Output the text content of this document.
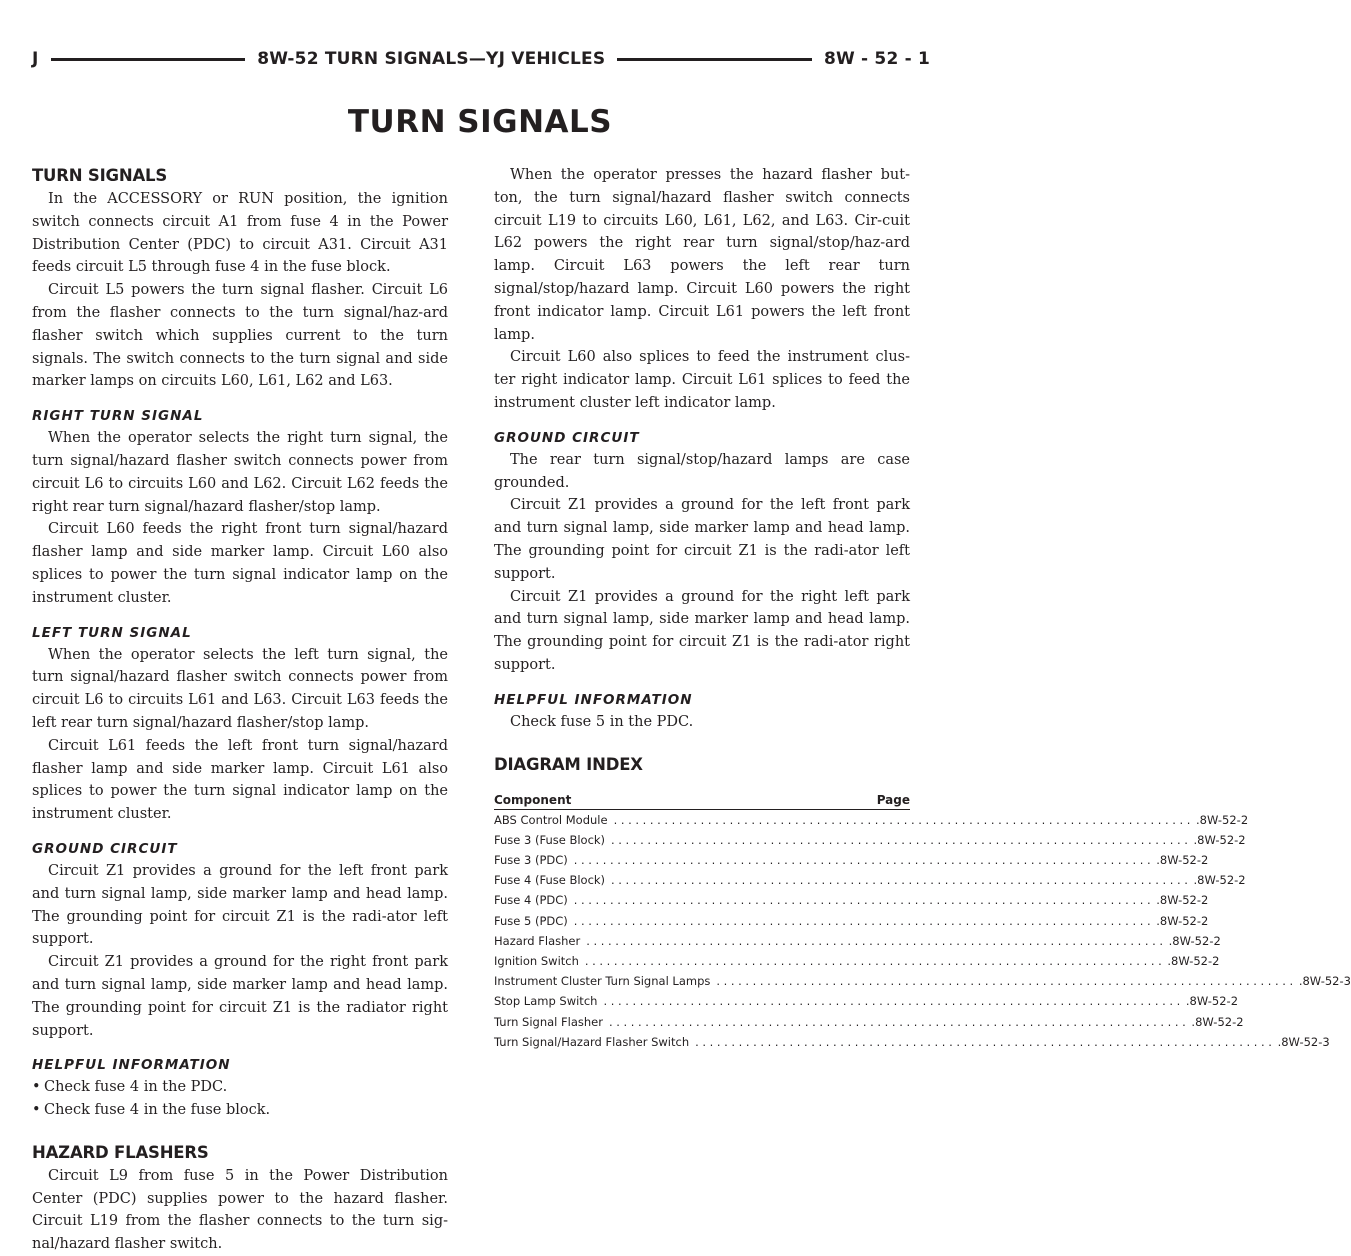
J	8W-52 TURN SIGNALS—YJ VEHICLES	8W - 52 - 1
TURN SIGNALS
TURN SIGNALS

In the ACCESSORY or RUN position, the ignition switch connects circuit A1 from fuse 4 in the Power Distribution Center (PDC) to circuit A31. Circuit A31 feeds circuit L5 through fuse 4 in the fuse block.

Circuit L5 powers the turn signal flasher. Circuit L6 from the flasher connects to the turn signal/haz-ard flasher switch which supplies current to the turn signals. The switch connects to the turn signal and side marker lamps on circuits L60, L61, L62 and L63.

RIGHT TURN SIGNAL

When the operator selects the right turn signal, the turn signal/hazard flasher switch connects power from circuit L6 to circuits L60 and L62. Circuit L62 feeds the right rear turn signal/hazard flasher/stop lamp.

Circuit L60 feeds the right front turn signal/hazard flasher lamp and side marker lamp. Circuit L60 also splices to power the turn signal indicator lamp on the instrument cluster.

LEFT TURN SIGNAL

When the operator selects the left turn signal, the turn signal/hazard flasher switch connects power from circuit L6 to circuits L61 and L63. Circuit L63 feeds the left rear turn signal/hazard flasher/stop lamp.

Circuit L61 feeds the left front turn signal/hazard flasher lamp and side marker lamp. Circuit L61 also splices to power the turn signal indicator lamp on the instrument cluster.

GROUND CIRCUIT

Circuit Z1 provides a ground for the left front park and turn signal lamp, side marker lamp and head lamp. The grounding point for circuit Z1 is the radi-ator left support.

Circuit Z1 provides a ground for the right front park and turn signal lamp, side marker lamp and head lamp. The grounding point for circuit Z1 is the radiator right support.

HELPFUL INFORMATION
• Check fuse 4 in the PDC.
• Check fuse 4 in the fuse block.
HAZARD FLASHERS

Circuit L9 from fuse 5 in the Power Distribution Center (PDC) supplies power to the hazard flasher. Circuit L19 from the flasher connects to the turn sig-nal/hazard flasher switch.

When the operator presses the hazard flasher but-ton, the turn signal/hazard flasher switch connects circuit L19 to circuits L60, L61, L62, and L63. Cir-cuit L62 powers the right rear turn signal/stop/haz-ard lamp. Circuit L63 powers the left rear turn signal/stop/hazard lamp. Circuit L60 powers the right front indicator lamp. Circuit L61 powers the left front lamp.

Circuit L60 also splices to feed the instrument clus-ter right indicator lamp. Circuit L61 splices to feed the instrument cluster left indicator lamp.

GROUND CIRCUIT

The rear turn signal/stop/hazard lamps are case grounded.

Circuit Z1 provides a ground for the left front park and turn signal lamp, side marker lamp and head lamp. The grounding point for circuit Z1 is the radi-ator left support.

Circuit Z1 provides a ground for the right left park and turn signal lamp, side marker lamp and head lamp. The grounding point for circuit Z1 is the radi-ator right support.

HELPFUL INFORMATION

Check fuse 5 in the PDC.

DIAGRAM INDEX
Component	Page
ABS Control Module ................................................................................ .8W-52-2
Fuse 3 (Fuse Block) ................................................................................ .8W-52-2
Fuse 3 (PDC) ................................................................................ .8W-52-2
Fuse 4 (Fuse Block) ................................................................................ .8W-52-2
Fuse 4 (PDC) ................................................................................ .8W-52-2
Fuse 5 (PDC) ................................................................................ .8W-52-2
Hazard Flasher ................................................................................ .8W-52-2
Ignition Switch ................................................................................ .8W-52-2
Instrument Cluster Turn Signal Lamps ................................................................................ .8W-52-3
Stop Lamp Switch ................................................................................ .8W-52-2
Turn Signal Flasher ................................................................................ .8W-52-2
Turn Signal/Hazard Flasher Switch ................................................................................ .8W-52-3
